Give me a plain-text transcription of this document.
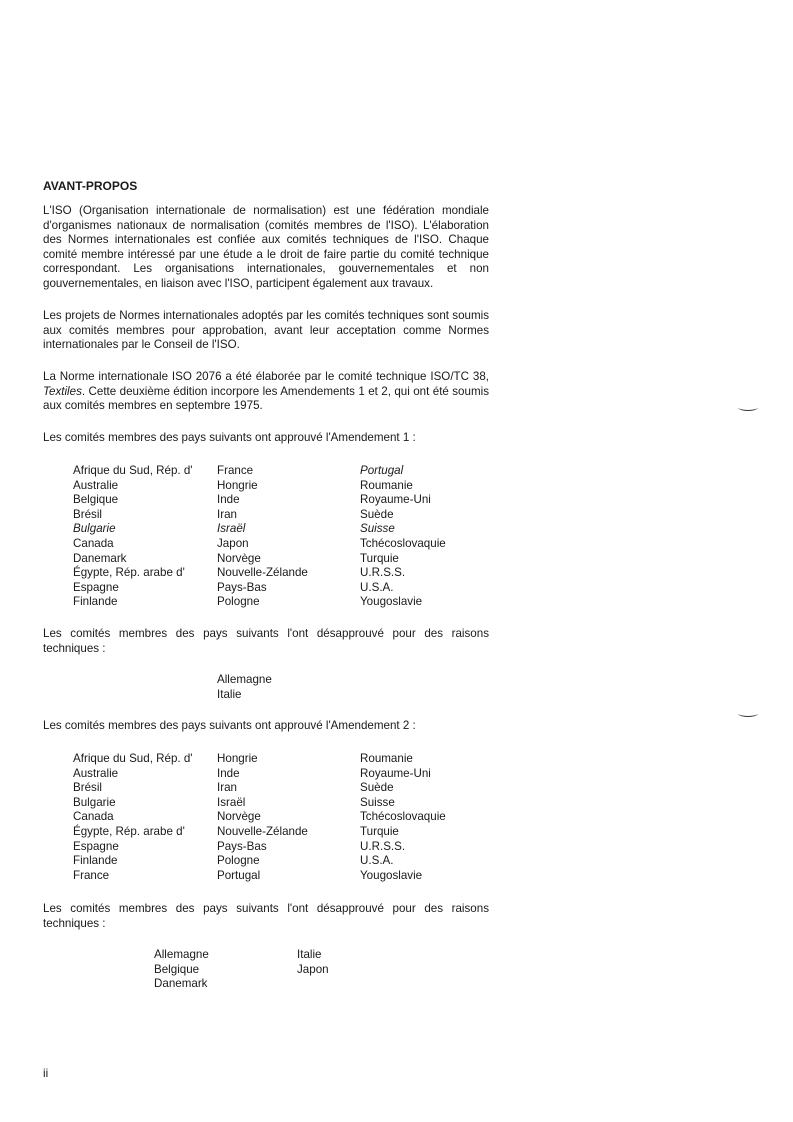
AVANT-PROPOS

L'ISO (Organisation internationale de normalisation) est une fédération mondiale d'organismes nationaux de normalisation (comités membres de l'ISO). L'élaboration des Normes internationales est confiée aux comités techniques de l'ISO. Chaque comité membre intéressé par une étude a le droit de faire partie du comité technique correspondant. Les organisations internationales, gouvernementales et non gouvernementales, en liaison avec l'ISO, participent également aux travaux.

Les projets de Normes internationales adoptés par les comités techniques sont soumis aux comités membres pour approbation, avant leur acceptation comme Normes internationales par le Conseil de l'ISO.

La Norme internationale ISO 2076 a été élaborée par le comité technique ISO/TC 38, Textiles. Cette deuxième édition incorpore les Amendements 1 et 2, qui ont été soumis aux comités membres en septembre 1975.

Les comités membres des pays suivants ont approuvé l'Amendement 1 :

Afrique du Sud, Rép. d'	France	Portugal
Australie	Hongrie	Roumanie
Belgique	Inde	Royaume-Uni
Brésil	Iran	Suède
Bulgarie	Israël	Suisse
Canada	Japon	Tchécoslovaquie
Danemark	Norvège	Turquie
Égypte, Rép. arabe d'	Nouvelle-Zélande	U.R.S.S.
Espagne	Pays-Bas	U.S.A.
Finlande	Pologne	Yougoslavie

Les comités membres des pays suivants l'ont désapprouvé pour des raisons techniques :

Allemagne
Italie

Les comités membres des pays suivants ont approuvé l'Amendement 2 :

Afrique du Sud, Rép. d'	Hongrie	Roumanie
Australie	Inde	Royaume-Uni
Brésil	Iran	Suède
Bulgarie	Israël	Suisse
Canada	Norvège	Tchécoslovaquie
Égypte, Rép. arabe d'	Nouvelle-Zélande	Turquie
Espagne	Pays-Bas	U.R.S.S.
Finlande	Pologne	U.S.A.
France	Portugal	Yougoslavie

Les comités membres des pays suivants l'ont désapprouvé pour des raisons techniques :

Allemagne	Italie
Belgique	Japon
Danemark

ii
